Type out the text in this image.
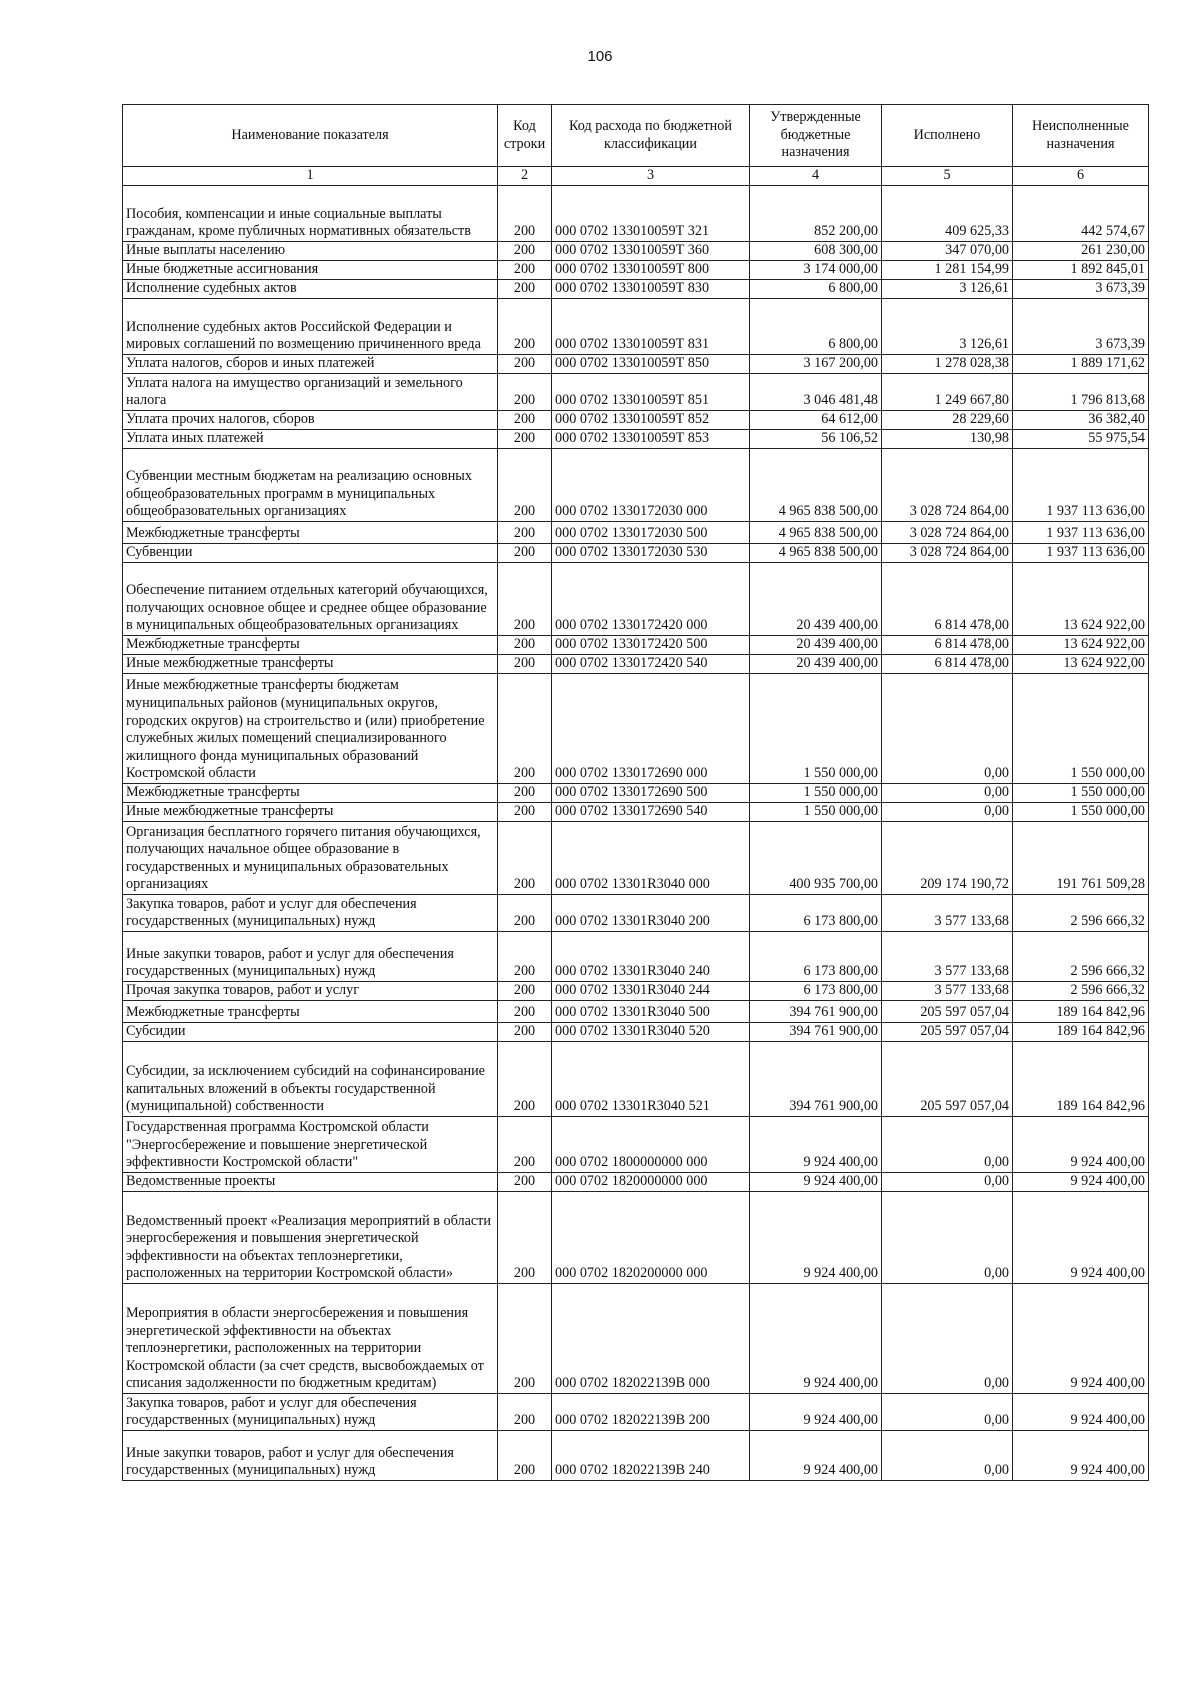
106
Наименование показателя	Код строки	Код расхода по бюджетной классификации	Утвержденные бюджетные назначения	Исполнено	Неисполненные назначения
1	2	3	4	5	6
Пособия, компенсации и иные социальные выплаты гражданам, кроме публичных нормативных обязательств	200	000 0702 133010059Т 321	852 200,00	409 625,33	442 574,67
Иные выплаты населению	200	000 0702 133010059Т 360	608 300,00	347 070,00	261 230,00
Иные бюджетные ассигнования	200	000 0702 133010059Т 800	3 174 000,00	1 281 154,99	1 892 845,01
Исполнение судебных актов	200	000 0702 133010059Т 830	6 800,00	3 126,61	3 673,39
Исполнение судебных актов Российской Федерации и мировых соглашений по возмещению причиненного вреда	200	000 0702 133010059Т 831	6 800,00	3 126,61	3 673,39
Уплата налогов, сборов и иных платежей	200	000 0702 133010059Т 850	3 167 200,00	1 278 028,38	1 889 171,62
Уплата налога на имущество организаций и земельного налога	200	000 0702 133010059Т 851	3 046 481,48	1 249 667,80	1 796 813,68
Уплата прочих налогов, сборов	200	000 0702 133010059Т 852	64 612,00	28 229,60	36 382,40
Уплата иных платежей	200	000 0702 133010059Т 853	56 106,52	130,98	55 975,54
Субвенции местным бюджетам на реализацию основных общеобразовательных программ в муниципальных общеобразовательных организациях	200	000 0702 1330172030 000	4 965 838 500,00	3 028 724 864,00	1 937 113 636,00
Межбюджетные трансферты	200	000 0702 1330172030 500	4 965 838 500,00	3 028 724 864,00	1 937 113 636,00
Субвенции	200	000 0702 1330172030 530	4 965 838 500,00	3 028 724 864,00	1 937 113 636,00
Обеспечение питанием отдельных категорий обучающихся, получающих основное общее и среднее общее образование в муниципальных общеобразовательных организациях	200	000 0702 1330172420 000	20 439 400,00	6 814 478,00	13 624 922,00
Межбюджетные трансферты	200	000 0702 1330172420 500	20 439 400,00	6 814 478,00	13 624 922,00
Иные межбюджетные трансферты	200	000 0702 1330172420 540	20 439 400,00	6 814 478,00	13 624 922,00
Иные межбюджетные трансферты бюджетам муниципальных районов (муниципальных округов, городских округов) на строительство и (или) приобретение служебных жилых помещений специализированного жилищного фонда муниципальных образований Костромской области	200	000 0702 1330172690 000	1 550 000,00	0,00	1 550 000,00
Межбюджетные трансферты	200	000 0702 1330172690 500	1 550 000,00	0,00	1 550 000,00
Иные межбюджетные трансферты	200	000 0702 1330172690 540	1 550 000,00	0,00	1 550 000,00
Организация бесплатного горячего питания обучающихся, получающих начальное общее образование в государственных и муниципальных образовательных организациях	200	000 0702 13301R3040 000	400 935 700,00	209 174 190,72	191 761 509,28
Закупка товаров, работ и услуг для обеспечения государственных (муниципальных) нужд	200	000 0702 13301R3040 200	6 173 800,00	3 577 133,68	2 596 666,32
Иные закупки товаров, работ и услуг для обеспечения государственных (муниципальных) нужд	200	000 0702 13301R3040 240	6 173 800,00	3 577 133,68	2 596 666,32
Прочая закупка товаров, работ и услуг	200	000 0702 13301R3040 244	6 173 800,00	3 577 133,68	2 596 666,32
Межбюджетные трансферты	200	000 0702 13301R3040 500	394 761 900,00	205 597 057,04	189 164 842,96
Субсидии	200	000 0702 13301R3040 520	394 761 900,00	205 597 057,04	189 164 842,96
Субсидии, за исключением субсидий на софинансирование капитальных вложений в объекты государственной (муниципальной) собственности	200	000 0702 13301R3040 521	394 761 900,00	205 597 057,04	189 164 842,96
Государственная программа Костромской области "Энергосбережение и повышение энергетической эффективности Костромской области"	200	000 0702 1800000000 000	9 924 400,00	0,00	9 924 400,00
Ведомственные проекты	200	000 0702 1820000000 000	9 924 400,00	0,00	9 924 400,00
Ведомственный проект «Реализация мероприятий в области энергосбережения и повышения энергетической эффективности на объектах теплоэнергетики, расположенных на территории Костромской области»	200	000 0702 1820200000 000	9 924 400,00	0,00	9 924 400,00
Мероприятия в области энергосбережения и повышения энергетической эффективности на объектах теплоэнергетики, расположенных на территории Костромской области (за счет средств, высвобождаемых от списания задолженности по бюджетным кредитам)	200	000 0702 182022139В 000	9 924 400,00	0,00	9 924 400,00
Закупка товаров, работ и услуг для обеспечения государственных (муниципальных) нужд	200	000 0702 182022139В 200	9 924 400,00	0,00	9 924 400,00
Иные закупки товаров, работ и услуг для обеспечения государственных (муниципальных) нужд	200	000 0702 182022139В 240	9 924 400,00	0,00	9 924 400,00
